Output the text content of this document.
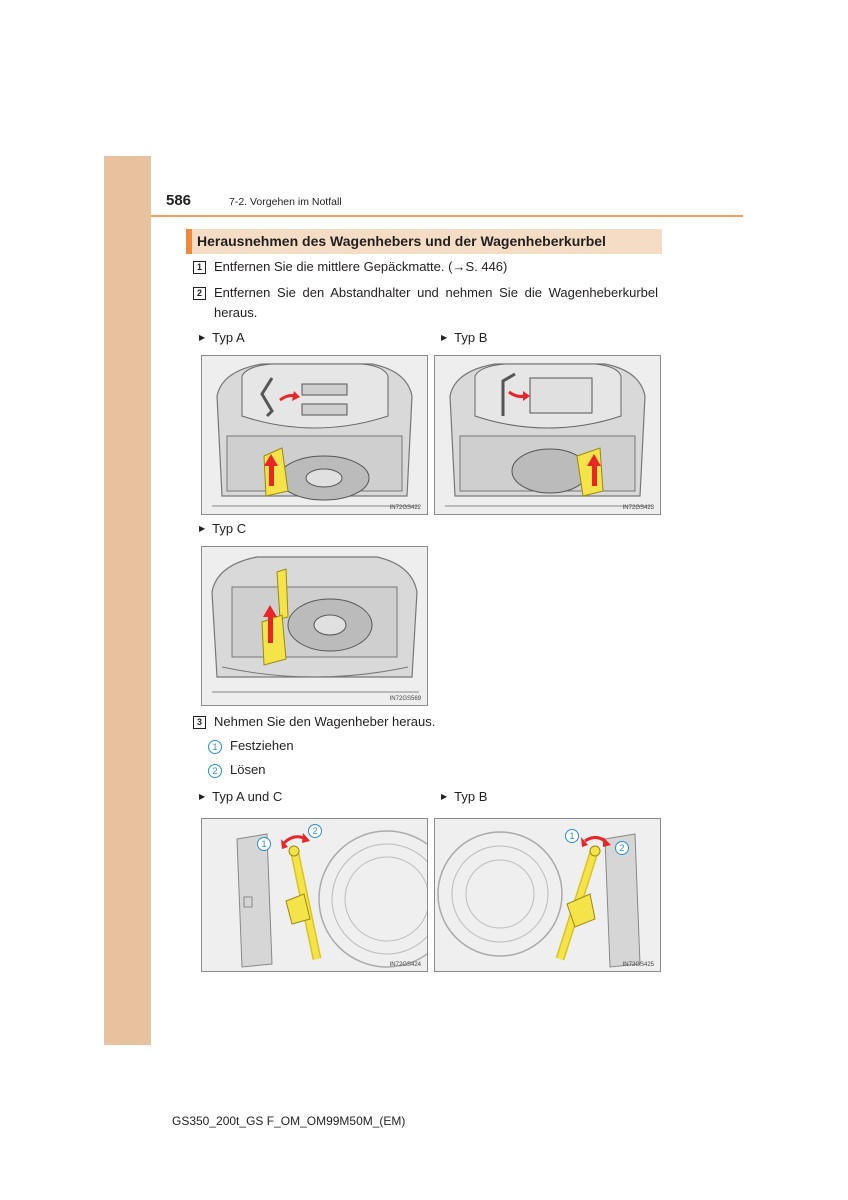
586	7-2. Vorgehen im Notfall
Herausnehmen des Wagenhebers und der Wagenheberkurbel
1 Entfernen Sie die mittlere Gepäckmatte. (→S. 446)
2 Entfernen Sie den Abstandhalter und nehmen Sie die Wagenheberkurbel heraus.
▶ Typ A	▶ Typ B
IN72GS422	IN72GS423
▶ Typ C
IN72GS569
3 Nehmen Sie den Wagenheber heraus.
1 Festziehen
2 Lösen
▶ Typ A und C	▶ Typ B
1
2
IN72GS424
1
2
IN72GS425
GS350_200t_GS F_OM_OM99M50M_(EM)
